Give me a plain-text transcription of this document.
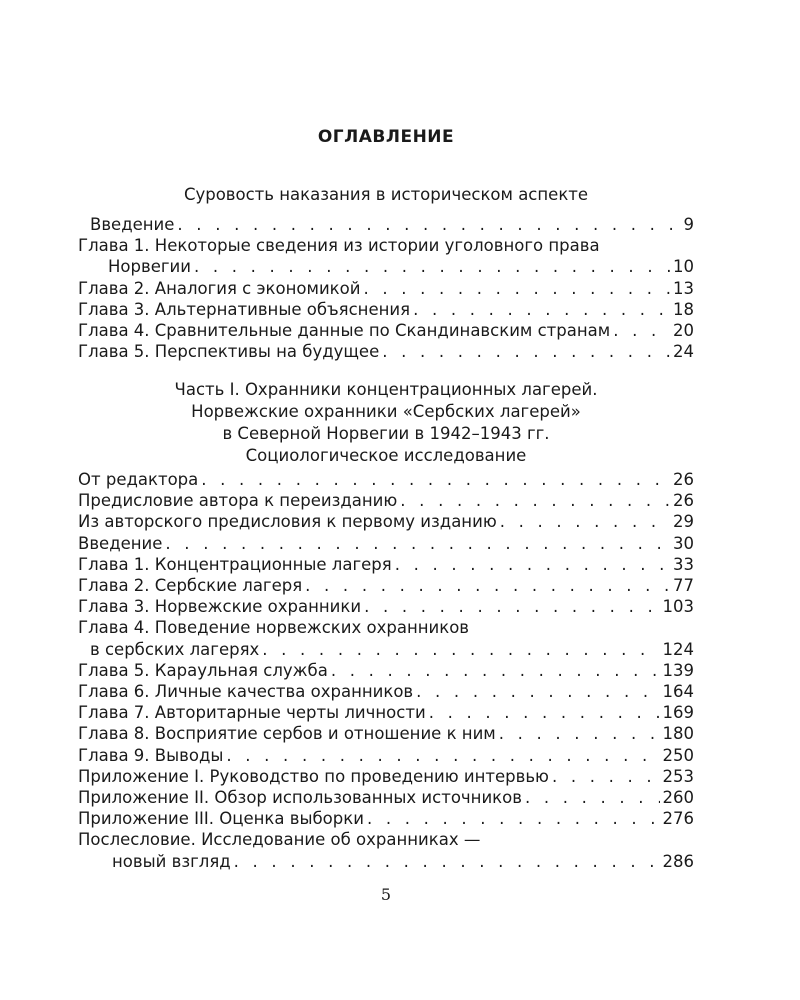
ОГЛАВЛЕНИЕ
Суровость наказания в историческом аспекте
Введение . . .	9
Глава 1. Некоторые сведения из истории уголовного права
Норвегии . . .	10
Глава 2. Аналогия с экономикой . . .	13
Глава 3. Альтернативные объяснения . . .	18
Глава 4. Сравнительные данные по Скандинавским странам . . .	20
Глава 5. Перспективы на будущее . . .	24
Часть I. Охранники концентрационных лагерей.
Норвежские охранники «Сербских лагерей»
в Северной Норвегии в 1942–1943 гг.
Социологическое исследование
От редактора . . .	26
Предисловие автора к переизданию . . .	26
Из авторского предисловия к первому изданию . . .	29
Введение . . .	30
Глава 1. Концентрационные лагеря . . .	33
Глава 2. Сербские лагеря . . .	77
Глава 3. Норвежские охранники . . .	103
Глава 4. Поведение норвежских охранников
в сербских лагерях . . .	124
Глава 5. Караульная служба . . .	139
Глава 6. Личные качества охранников . . .	164
Глава 7. Авторитарные черты личности . . .	169
Глава 8. Восприятие сербов и отношение к ним . . .	180
Глава 9. Выводы . . .	250
Приложение I. Руководство по проведению интервью . . .	253
Приложение II. Обзор использованных источников . . .	260
Приложение III. Оценка выборки . . .	276
Послесловие. Исследование об охранниках —
новый взгляд . . .	286
5
